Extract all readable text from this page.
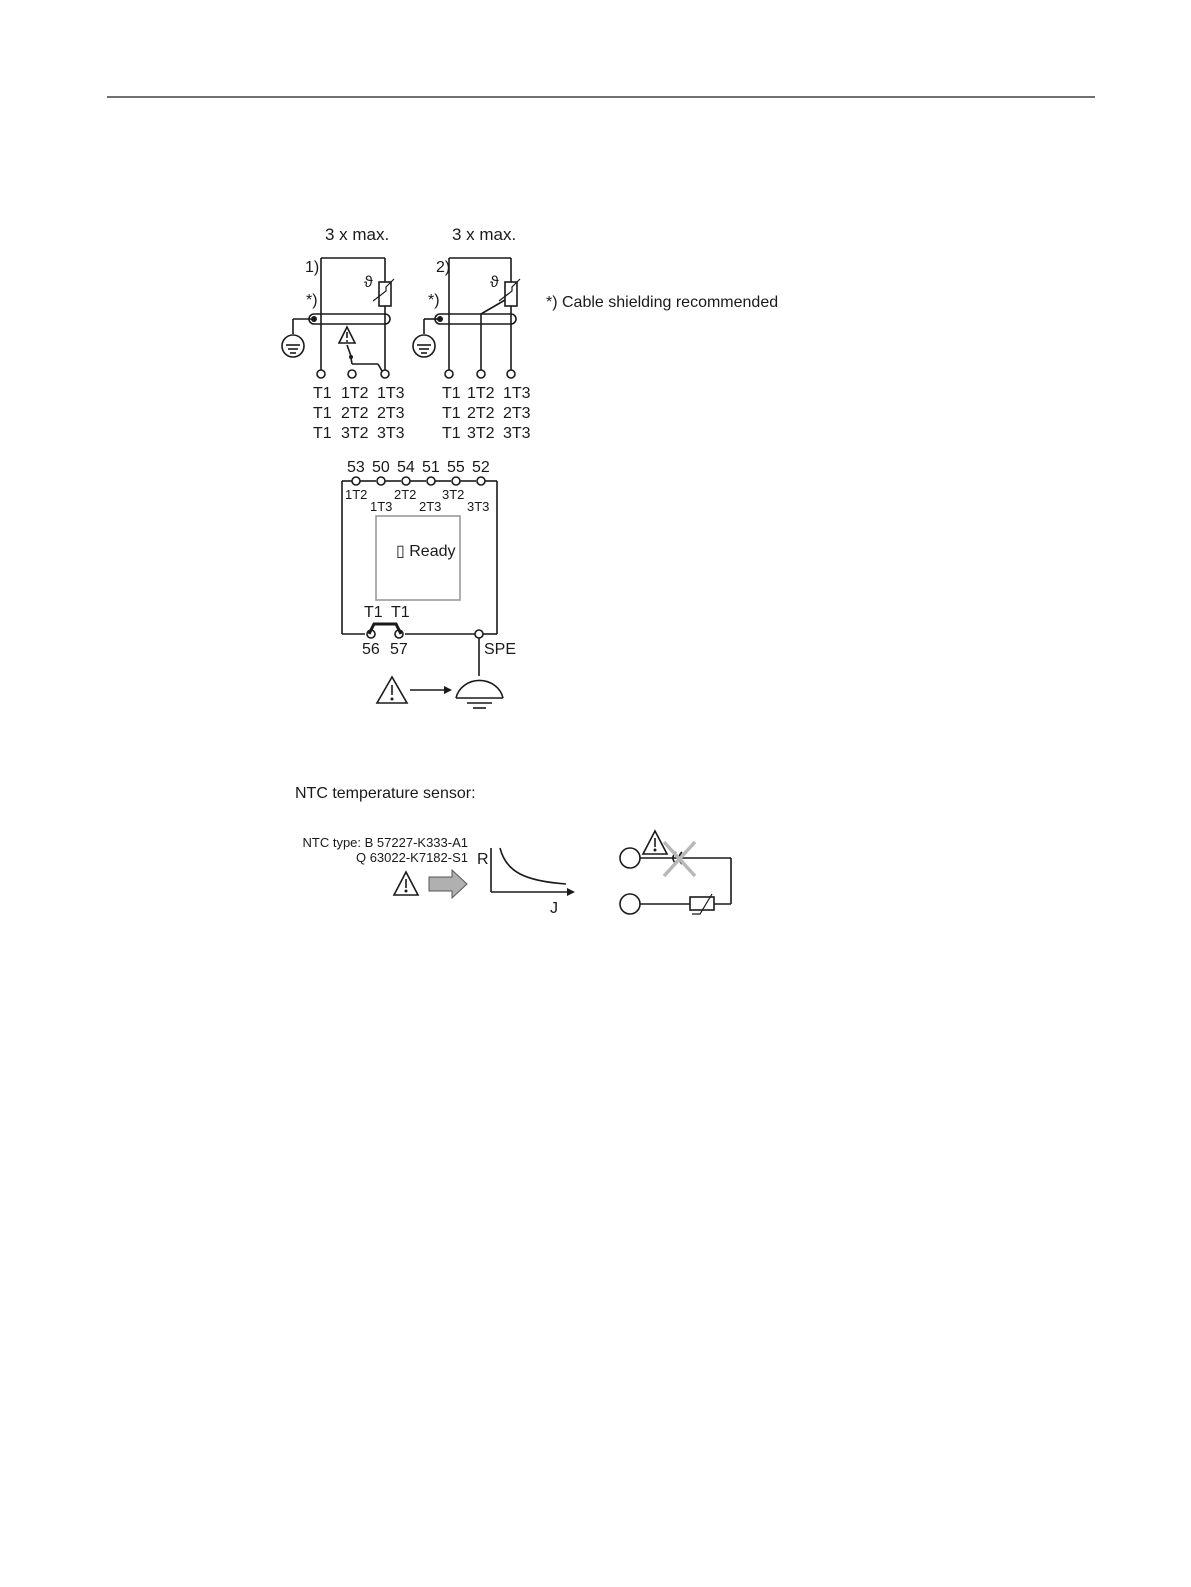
3 x max.
1)
*)
ϑ
T1 1T2 1T3
T1 2T2 2T3
T1 3T2 3T3
3 x max.
2)
*)
ϑ
T1 1T2 1T3
T1 2T2 2T3
T1 3T2 3T3
*) Cable shielding recommended
53 50 54 51 55 52
1T2 2T2 3T2
1T3 2T3 3T3
▯ Ready
T1 T1
56 57	SPE
NTC temperature sensor:
NTC type: B 57227-K333-A1
Q 63022-K7182-S1 R
J
